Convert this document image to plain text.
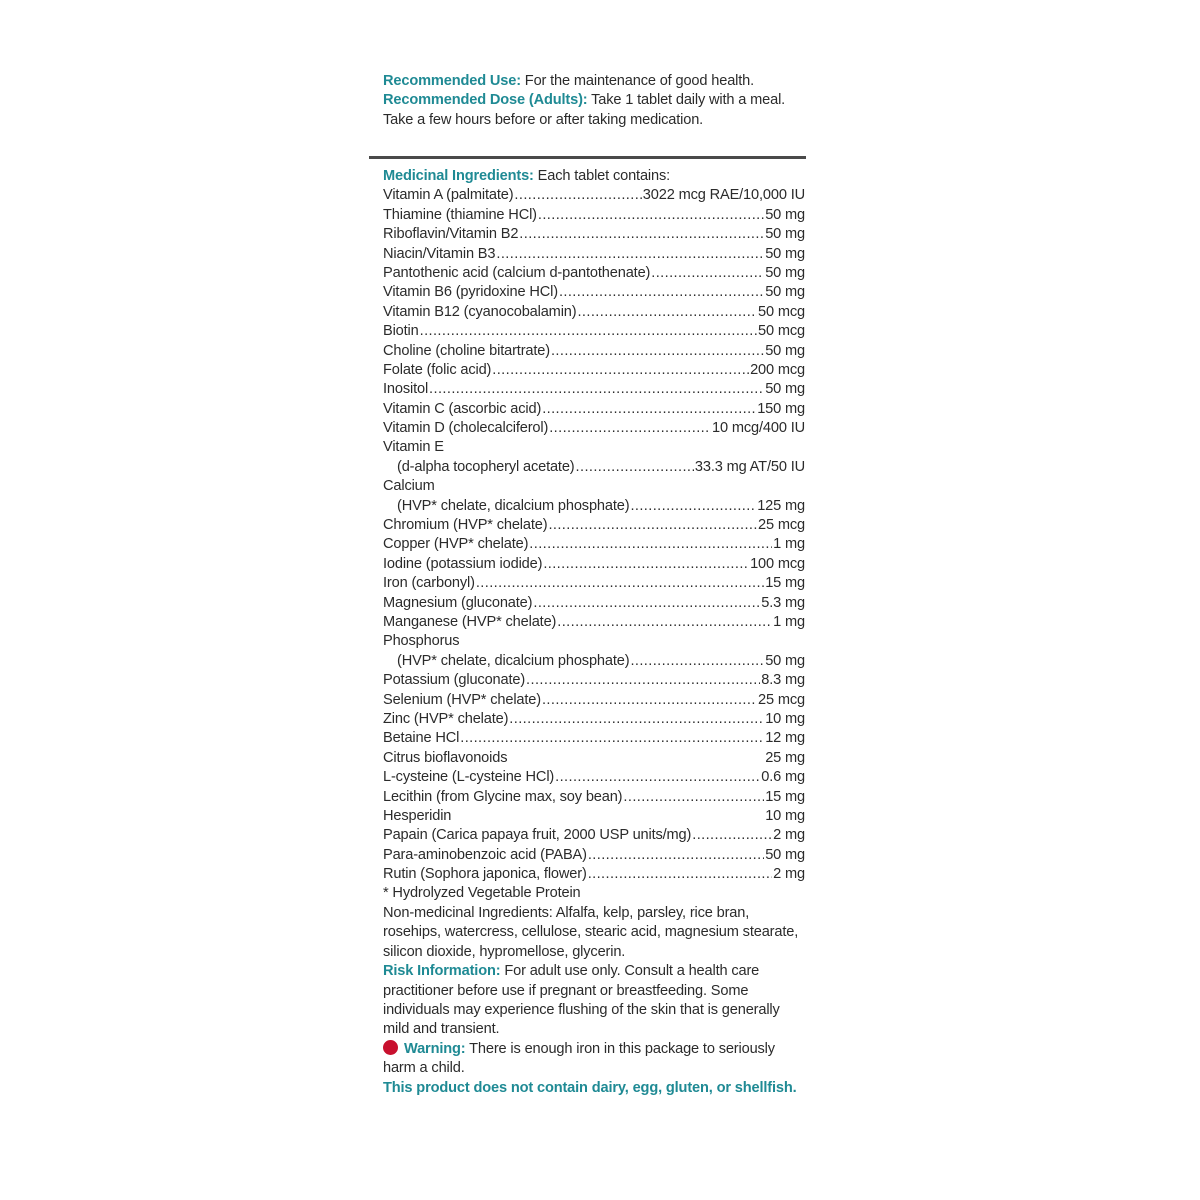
Recommended Use: For the maintenance of good health.

Recommended Dose (Adults): Take 1 tablet daily with a meal. Take a few hours before or after taking medication.

Medicinal Ingredients: Each tablet contains:
Vitamin A (palmitate) .....	3022 mcg RAE/10,000 IU
Thiamine (thiamine HCl) .....	50 mg
Riboflavin/Vitamin B2 .....	50 mg
Niacin/Vitamin B3 .....	50 mg
Pantothenic acid (calcium d-pantothenate) .....	50 mg
Vitamin B6 (pyridoxine HCl) .....	50 mg
Vitamin B12 (cyanocobalamin) .....	50 mcg
Biotin .....	50 mcg
Choline (choline bitartrate) .....	50 mg
Folate (folic acid) .....	200 mcg
Inositol .....	50 mg
Vitamin C (ascorbic acid) .....	150 mg
Vitamin D (cholecalciferol) .....	10 mcg/400 IU
Vitamin E
(d-alpha tocopheryl acetate) .....	33.3 mg AT/50 IU
Calcium
(HVP* chelate, dicalcium phosphate) .....	125 mg
Chromium (HVP* chelate) .....	25 mcg
Copper (HVP* chelate) .....	1 mg
Iodine (potassium iodide) .....	100 mcg
Iron (carbonyl) .....	15 mg
Magnesium (gluconate) .....	5.3 mg
Manganese (HVP* chelate) .....	1 mg
Phosphorus
(HVP* chelate, dicalcium phosphate) .....	50 mg
Potassium (gluconate) .....	8.3 mg
Selenium (HVP* chelate) .....	25 mcg
Zinc (HVP* chelate) .....	10 mg
Betaine HCl .....	12 mg
Citrus bioflavonoids	25 mg
L-cysteine (L-cysteine HCl) .....	0.6 mg
Lecithin (from Glycine max, soy bean) .....	15 mg
Hesperidin	10 mg
Papain (Carica papaya fruit, 2000 USP units/mg) .....	2 mg
Para-aminobenzoic acid (PABA) .....	50 mg
Rutin (Sophora japonica, flower) .....	2 mg
* Hydrolyzed Vegetable Protein
Non-medicinal Ingredients: Alfalfa, kelp, parsley, rice bran, rosehips, watercress, cellulose, stearic acid, magnesium stearate, silicon dioxide, hypromellose, glycerin.
Risk Information: For adult use only. Consult a health care practitioner before use if pregnant or breastfeeding. Some individuals may experience flushing of the skin that is generally mild and transient.
Warning: There is enough iron in this package to seriously harm a child.
This product does not contain dairy, egg, gluten, or shellfish.
